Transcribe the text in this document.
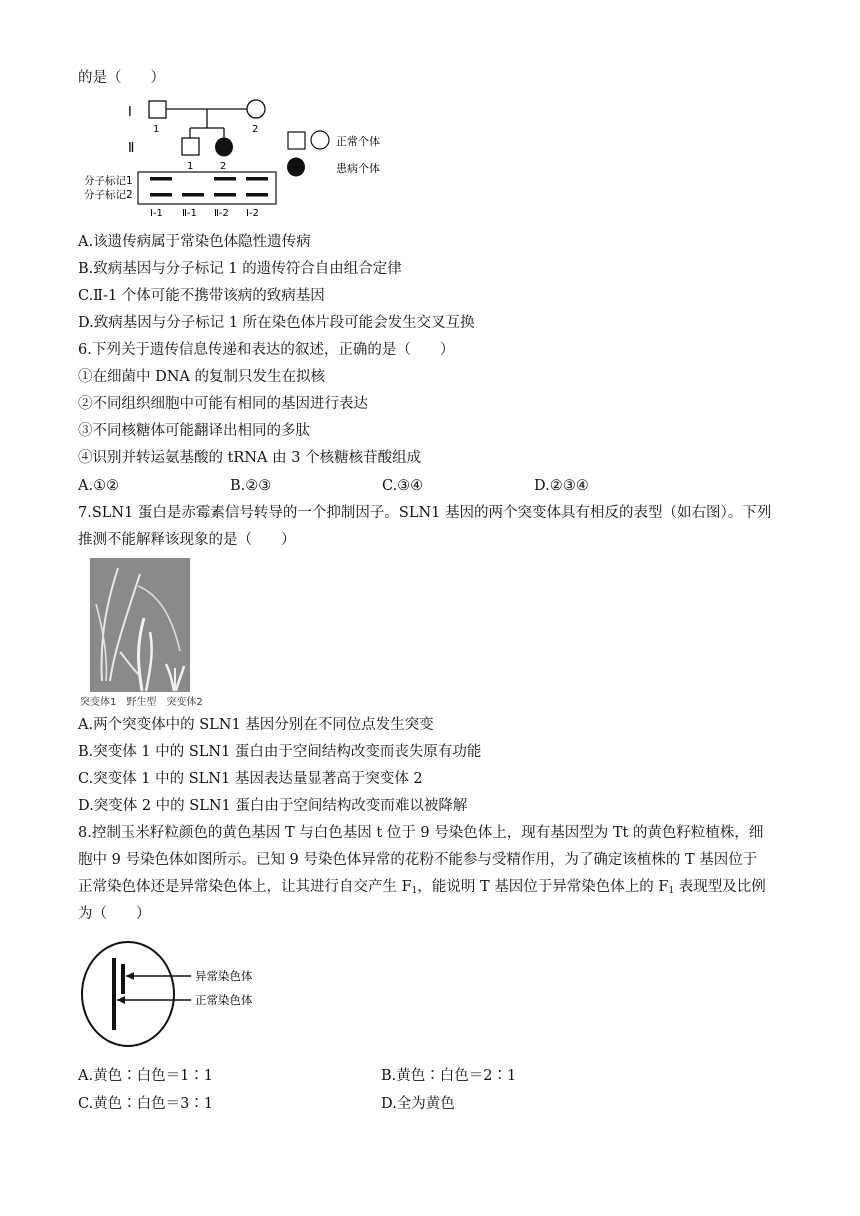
的是（　　）
Ⅰ
1	2
Ⅱ
1	2
正常个体
患病个体
分子标记1
分子标记2
Ⅰ-1 Ⅱ-1 Ⅱ-2 Ⅰ-2
A.该遗传病属于常染色体隐性遗传病
B.致病基因与分子标记 1 的遗传符合自由组合定律
C.Ⅱ-1 个体可能不携带该病的致病基因
D.致病基因与分子标记 1 所在染色体片段可能会发生交叉互换
6.下列关于遗传信息传递和表达的叙述，正确的是（　　）
①在细菌中 DNA 的复制只发生在拟核
②不同组织细胞中可能有相同的基因进行表达
③不同核糖体可能翻译出相同的多肽
④识别并转运氨基酸的 tRNA 由 3 个核糖核苷酸组成
A.①②	B.②③	C.③④	D.②③④
7.SLN1 蛋白是赤霉素信号转导的一个抑制因子。SLN1 基因的两个突变体具有相反的表型（如右图）。下列
推测不能解释该现象的是（　　）
突变体1　野生型　突变体2
A.两个突变体中的 SLN1 基因分别在不同位点发生突变
B.突变体 1 中的 SLN1 蛋白由于空间结构改变而丧失原有功能
C.突变体 1 中的 SLN1 基因表达量显著高于突变体 2
D.突变体 2 中的 SLN1 蛋白由于空间结构改变而难以被降解
8.控制玉米籽粒颜色的黄色基因 T 与白色基因 t 位于 9 号染色体上，现有基因型为 Tt 的黄色籽粒植株，细
胞中 9 号染色体如图所示。已知 9 号染色体异常的花粉不能参与受精作用，为了确定该植株的 T 基因位于
正常染色体还是异常染色体上，让其进行自交产生 $F_1$，能说明 T 基因位于异常染色体上的 $F_1$ 表现型及比例
为（　　）
异常染色体
正常染色体
A.黄色∶白色＝1∶1	B.黄色∶白色＝2∶1
C.黄色∶白色＝3∶1	D.全为黄色
